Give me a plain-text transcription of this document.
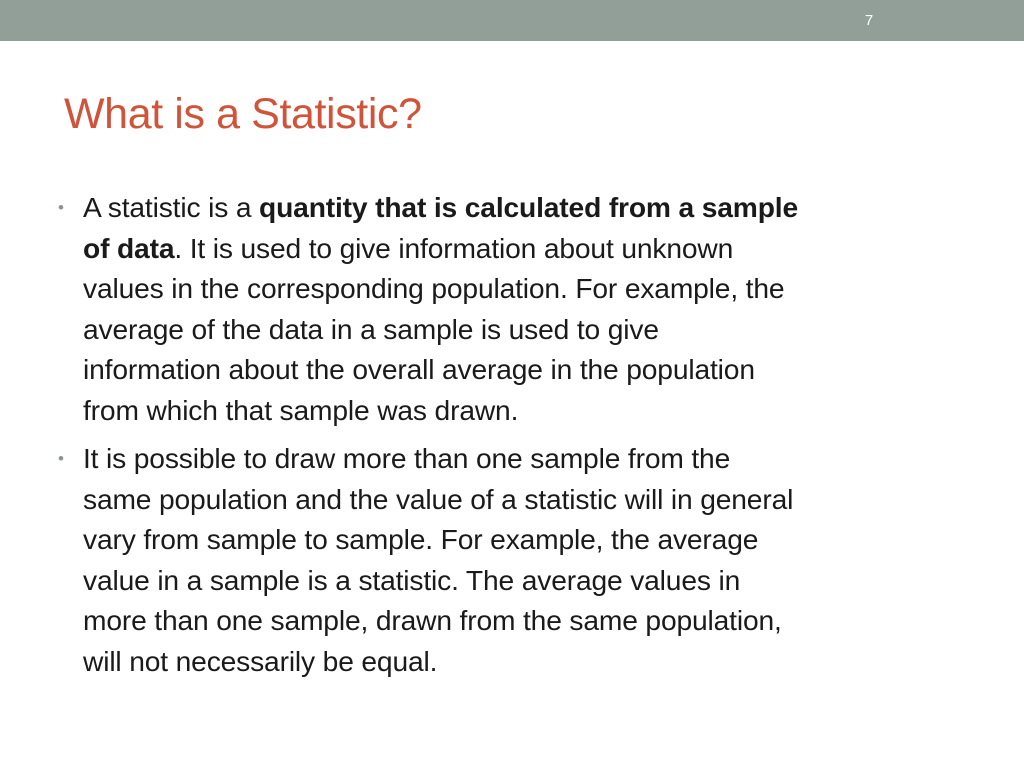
7
What is a Statistic?
• A statistic is a quantity that is calculated from a sample
of data. It is used to give information about unknown
values in the corresponding population. For example, the
average of the data in a sample is used to give
information about the overall average in the population
from which that sample was drawn.
• It is possible to draw more than one sample from the
same population and the value of a statistic will in general
vary from sample to sample. For example, the average
value in a sample is a statistic. The average values in
more than one sample, drawn from the same population,
will not necessarily be equal.
